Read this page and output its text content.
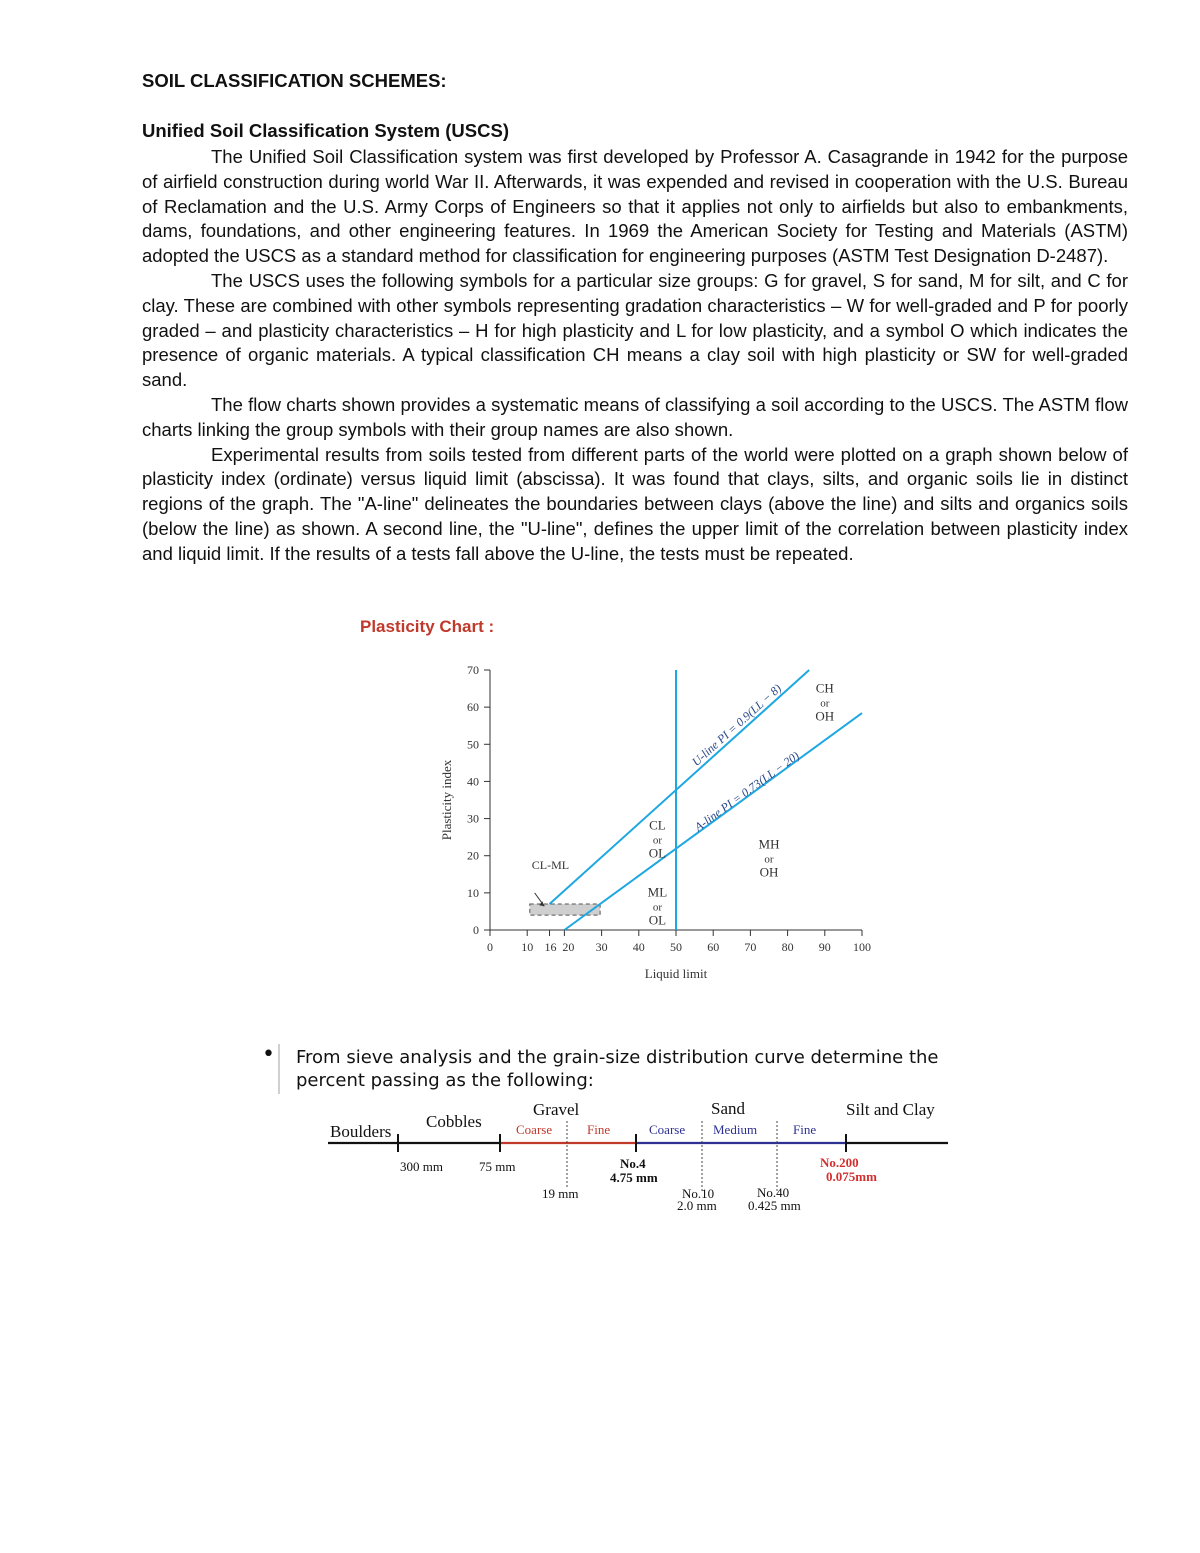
SOIL CLASSIFICATION SCHEMES:
Unified Soil Classification System (USCS)

The Unified Soil Classification system was first developed by Professor A. Casagrande in 1942 for the purpose of airfield construction during world War II. Afterwards, it was expended and revised in cooperation with the U.S. Bureau of Reclamation and the U.S. Army Corps of Engineers so that it applies not only to airfields but also to embankments, dams, foundations, and other engineering features. In 1969 the American Society for Testing and Materials (ASTM) adopted the USCS as a standard method for classification for engineering purposes (ASTM Test Designation D-2487).

The USCS uses the following symbols for a particular size groups: G for gravel, S for sand, M for silt, and C for clay. These are combined with other symbols representing gradation characteristics – W for well-graded and P for poorly graded – and plasticity characteristics – H for high plasticity and L for low plasticity, and a symbol O which indicates the presence of organic materials. A typical classification CH means a clay soil with high plasticity or SW for well-graded sand.

The flow charts shown provides a systematic means of classifying a soil according to the USCS. The ASTM flow charts linking the group symbols with their group names are also shown.

Experimental results from soils tested from different parts of the world were plotted on a graph shown below of plasticity index (ordinate) versus liquid limit (abscissa). It was found that clays, silts, and organic soils lie in distinct regions of the graph. The "A-line" delineates the boundaries between clays (above the line) and silts and organics soils (below the line) as shown. A second line, the "U-line", defines the upper limit of the correlation between plasticity index and liquid limit. If the results of a tests fall above the U-line, the tests must be repeated.

Plasticity Chart :
0 10 16 20 30 40 50 60 70 80 90 100
0
10
20
30
40
50
60
70
Liquid limit
Plasticity index
CL-ML
U-line PI = 0.9(LL − 8)
A-line PI = 0.73(LL − 20)
CH
or
OH
CL
or
OL
MH
or
OH
ML
or
OL
• From sieve analysis and the grain-size distribution curve determine the percent passing as the following:
Boulders
Cobbles
Gravel	Sand	Silt and Clay
Coarse	Fine	Coarse Medium	Fine
300 mm	75 mm
19 mm
No.4
4.75 mm
No.10
2.0 mm
No.40
0.425 mm
No.200
0.075mm
